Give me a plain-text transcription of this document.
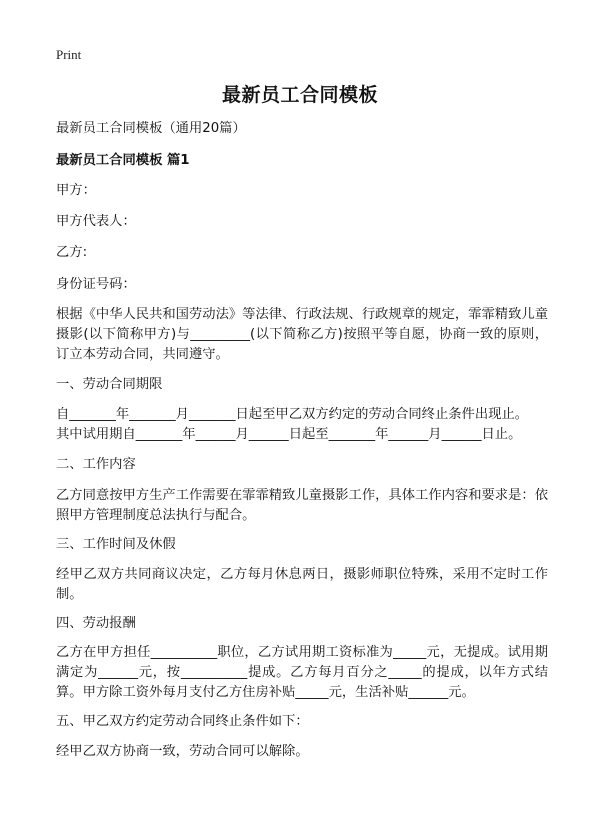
Print
最新员工合同模板
最新员工合同模板（通用20篇）
最新员工合同模板 篇1
甲方：
甲方代表人：
乙方:
身份证号码：
根据《中华人民共和国劳动法》等法律、行政法规、行政规章的规定，霏霏精致儿童摄影(以下简称甲方)与_________(以下简称乙方)按照平等自愿，协商一致的原则，订立本劳动合同，共同遵守。
一、劳动合同期限
自_______年_______月_______日起至甲乙双方约定的劳动合同终止条件出现止。
其中试用期自_______年______月______日起至_______年______月______日止。
二、工作内容
乙方同意按甲方生产工作需要在霏霏精致儿童摄影工作，具体工作内容和要求是：依照甲方管理制度总法执行与配合。
三、工作时间及休假
经甲乙双方共同商议决定，乙方每月休息两日，摄影师职位特殊，采用不定时工作制。
四、劳动报酬
乙方在甲方担任__________职位，乙方试用期工资标准为_____元，无提成。试用期满定为______元，按__________提成。乙方每月百分之_____的提成，以年方式结算。甲方除工资外每月支付乙方住房补贴_____元，生活补贴______元。
五、甲乙双方约定劳动合同终止条件如下：
经甲乙双方协商一致，劳动合同可以解除。
